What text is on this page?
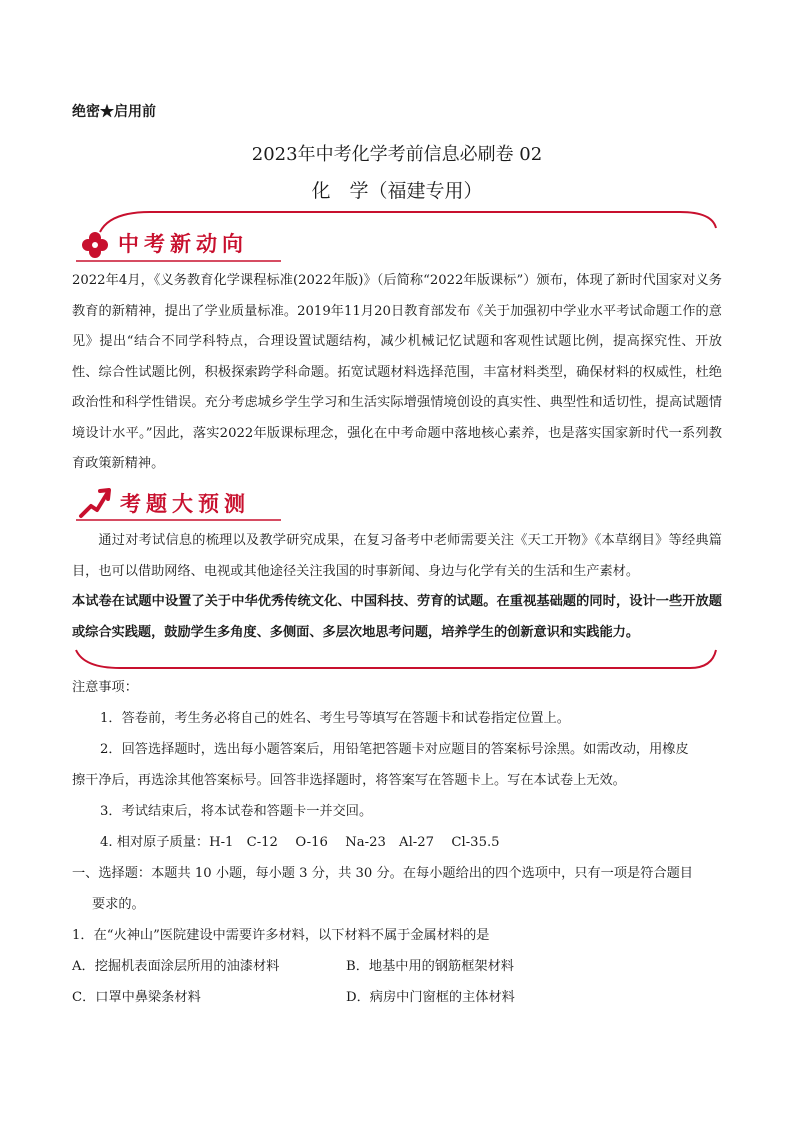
绝密★启用前
2023年中考化学考前信息必刷卷 02
化　学（福建专用）
中考新动向
2022年4月，《义务教育化学课程标准(2022年版)》（后简称“2022年版课标”）颁布，体现了新时代国家对义务教育的新精神，提出了学业质量标准。2019年11月20日教育部发布《关于加强初中学业水平考试命题工作的意见》提出“结合不同学科特点，合理设置试题结构，减少机械记忆试题和客观性试题比例，提高探究性、开放性、综合性试题比例，积极探索跨学科命题。拓宽试题材料选择范围，丰富材料类型，确保材料的权威性，杜绝政治性和科学性错误。充分考虑城乡学生学习和生活实际增强情境创设的真实性、典型性和适切性，提高试题情境设计水平。”因此，落实2022年版课标理念，强化在中考命题中落地核心素养，也是落实国家新时代一系列教育政策新精神。
考题大预测
通过对考试信息的梳理以及教学研究成果，在复习备考中老师需要关注《天工开物》《本草纲目》等经典篇目，也可以借助网络、电视或其他途径关注我国的时事新闻、身边与化学有关的生活和生产素材。
本试卷在试题中设置了关于中华优秀传统文化、中国科技、劳育的试题。在重视基础题的同时，设计一些开放题或综合实践题，鼓励学生多角度、多侧面、多层次地思考问题，培养学生的创新意识和实践能力。
注意事项：
1．答卷前，考生务必将自己的姓名、考生号等填写在答题卡和试卷指定位置上。
2．回答选择题时，选出每小题答案后，用铅笔把答题卡对应题目的答案标号涂黑。如需改动，用橡皮
擦干净后，再选涂其他答案标号。回答非选择题时，将答案写在答题卡上。写在本试卷上无效。
3．考试结束后，将本试卷和答题卡一并交回。
4. 相对原子质量：H-1　C-12　 O-16　 Na-23　Al-27　 Cl-35.5
一、选择题：本题共 10 小题，每小题 3 分，共 30 分。在每小题给出的四个选项中，只有一项是符合题目
要求的。
1．在“火神山”医院建设中需要许多材料，以下材料不属于金属材料的是
A．挖掘机表面涂层所用的油漆材料	B．地基中用的钢筋框架材料
C．口罩中鼻梁条材料	D．病房中门窗框的主体材料
